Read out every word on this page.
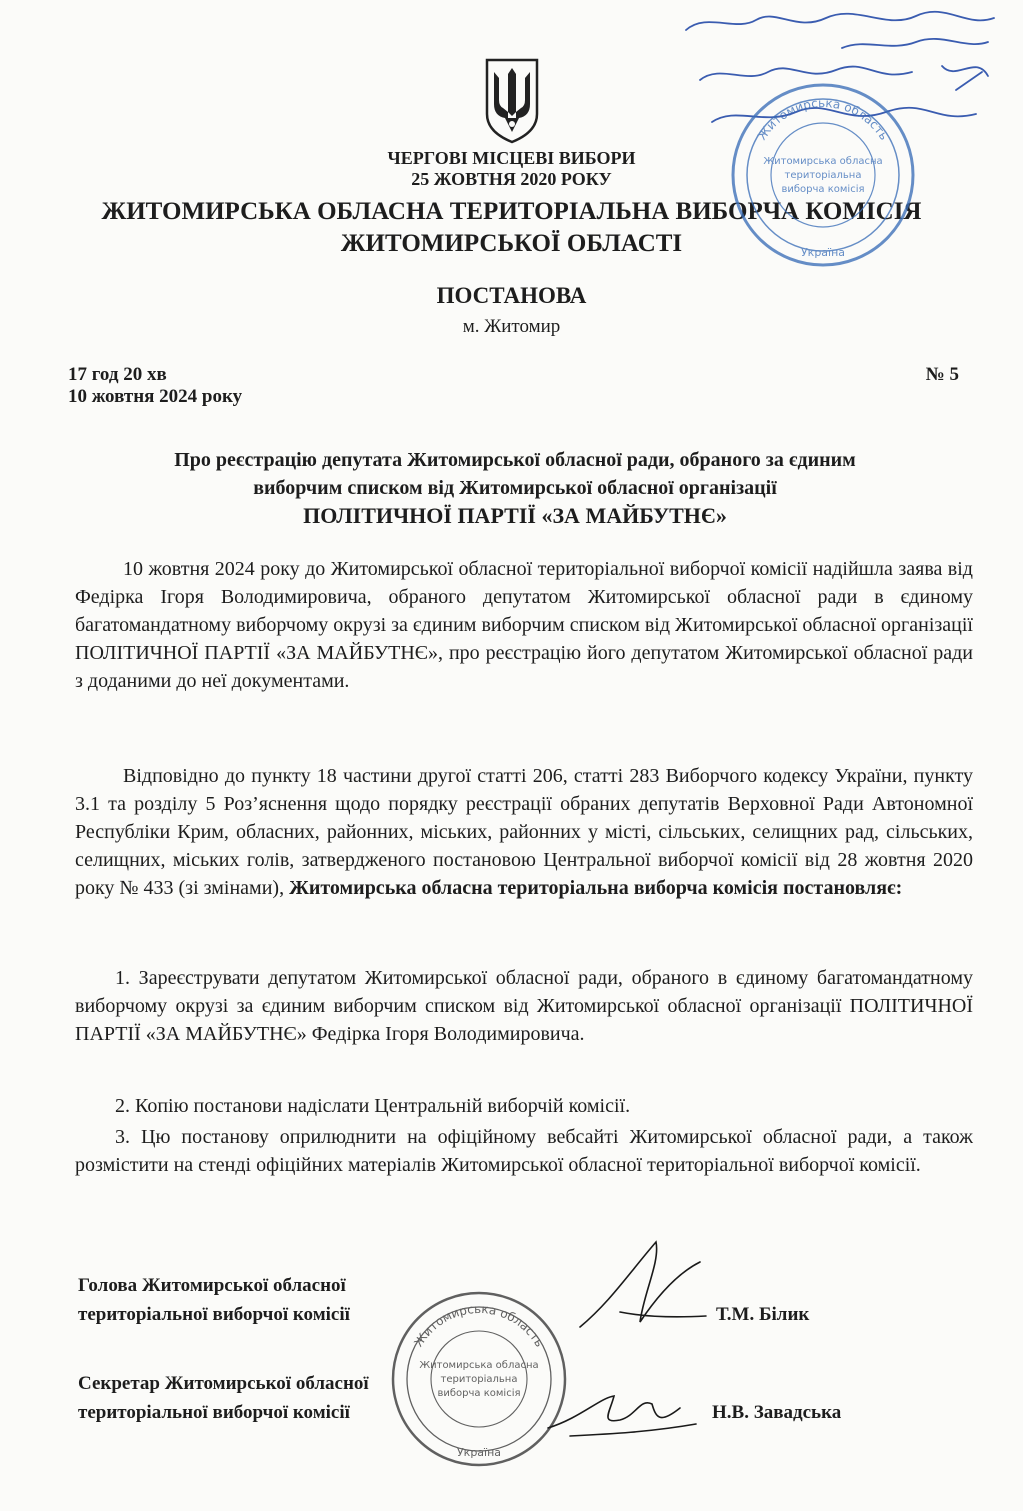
ЧЕРГОВІ МІСЦЕВІ ВИБОРИ
25 ЖОВТНЯ 2020 РОКУ
ЖИТОМИРСЬКА ОБЛАСНА ТЕРИТОРІАЛЬНА ВИБОРЧА КОМІСІЯ
ЖИТОМИРСЬКОЇ ОБЛАСТІ
ПОСТАНОВА
м. Житомир
17 год 20 хв
10 жовтня 2024 року
№ 5
Про реєстрацію депутата Житомирської обласної ради, обраного за єдиним
виборчим списком від Житомирської обласної організації
ПОЛІТИЧНОЇ ПАРТІЇ «ЗА МАЙБУТНЄ»
10 жовтня 2024 року до Житомирської обласної територіальної виборчої комісії надійшла заява від Федірка Ігоря Володимировича, обраного депутатом Житомирської обласної ради в єдиному багатомандатному виборчому окрузі за єдиним виборчим списком від Житомирської обласної організації ПОЛІТИЧНОЇ ПАРТІЇ «ЗА МАЙБУТНЄ», про реєстрацію його депутатом Житомирської обласної ради з доданими до неї документами.
Відповідно до пункту 18 частини другої статті 206, статті 283 Виборчого кодексу України, пункту 3.1 та розділу 5 Роз’яснення щодо порядку реєстрації обраних депутатів Верховної Ради Автономної Республіки Крим, обласних, районних, міських, районних у місті, сільських, селищних рад, сільських, селищних, міських голів, затвердженого постановою Центральної виборчої комісії від 28 жовтня 2020 року № 433 (зі змінами), Житомирська обласна територіальна виборча комісія постановляє:
1. Зареєструвати депутатом Житомирської обласної ради, обраного в єдиному багатомандатному виборчому окрузі за єдиним виборчим списком від Житомирської обласної організації ПОЛІТИЧНОЇ ПАРТІЇ «ЗА МАЙБУТНЄ» Федірка Ігоря Володимировича.
2. Копію постанови надіслати Центральній виборчій комісії.
3. Цю постанову оприлюднити на офіційному вебсайті Житомирської обласної ради, а також розмістити на стенді офіційних матеріалів Житомирської обласної територіальної виборчої комісії.
Голова Житомирської обласної
територіальної виборчої комісії	Т.М. Білик
Секретар Житомирської обласної
територіальної виборчої комісії	Н.В. Завадська
Житомирська область
Житомирська обласна
територіальна
виборча комісія
Україна
Житомирська область
Житомирська обласна
територіальна
виборча комісія
Україна
